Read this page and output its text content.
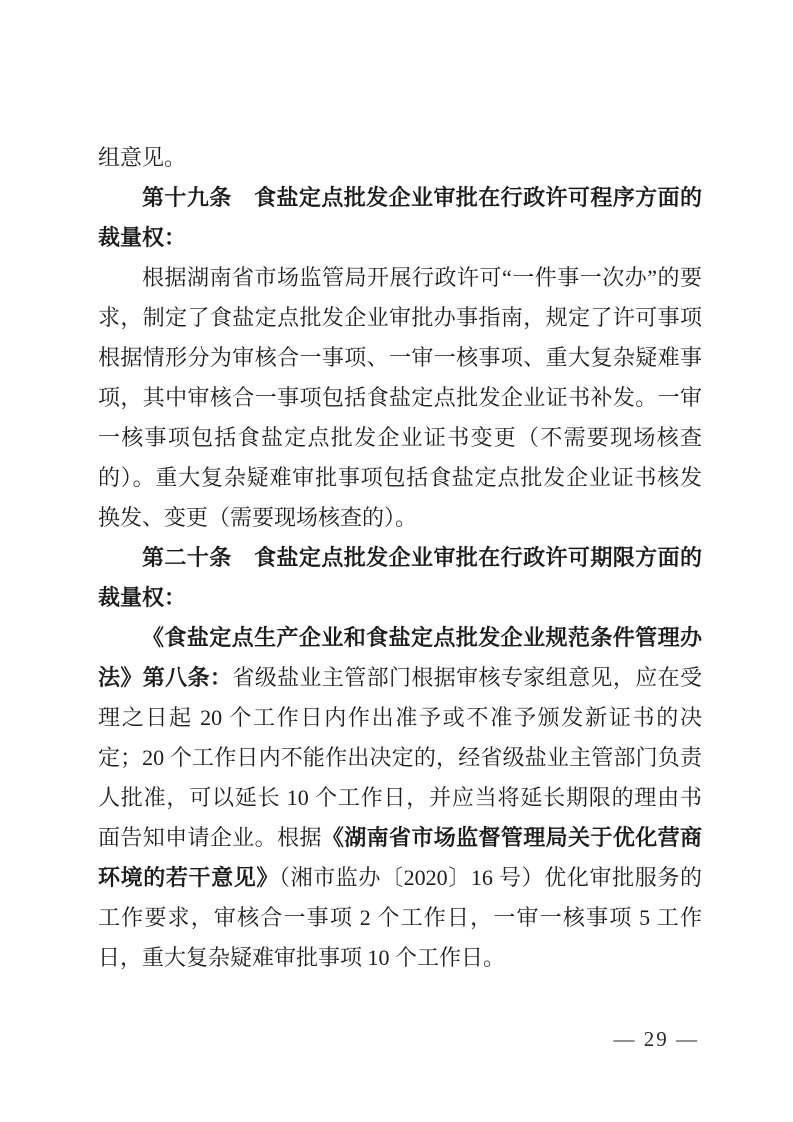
组意见。

第十九条　食盐定点批发企业审批在行政许可程序方面的裁量权：

根据湖南省市场监管局开展行政许可“一件事一次办”的要求，制定了食盐定点批发企业审批办事指南，规定了许可事项根据情形分为审核合一事项、一审一核事项、重大复杂疑难事项，其中审核合一事项包括食盐定点批发企业证书补发。一审一核事项包括食盐定点批发企业证书变更（不需要现场核查的）。重大复杂疑难审批事项包括食盐定点批发企业证书核发换发、变更（需要现场核查的）。

第二十条　食盐定点批发企业审批在行政许可期限方面的裁量权：

《食盐定点生产企业和食盐定点批发企业规范条件管理办法》第八条：省级盐业主管部门根据审核专家组意见，应在受理之日起 20 个工作日内作出准予或不准予颁发新证书的决定；20 个工作日内不能作出决定的，经省级盐业主管部门负责人批准，可以延长 10 个工作日，并应当将延长期限的理由书面告知申请企业。根据《湖南省市场监督管理局关于优化营商环境的若干意见》（湘市监办〔2020〕16 号）优化审批服务的工作要求，审核合一事项 2 个工作日，一审一核事项 5 工作日，重大复杂疑难审批事项 10 个工作日。

— 29 —
